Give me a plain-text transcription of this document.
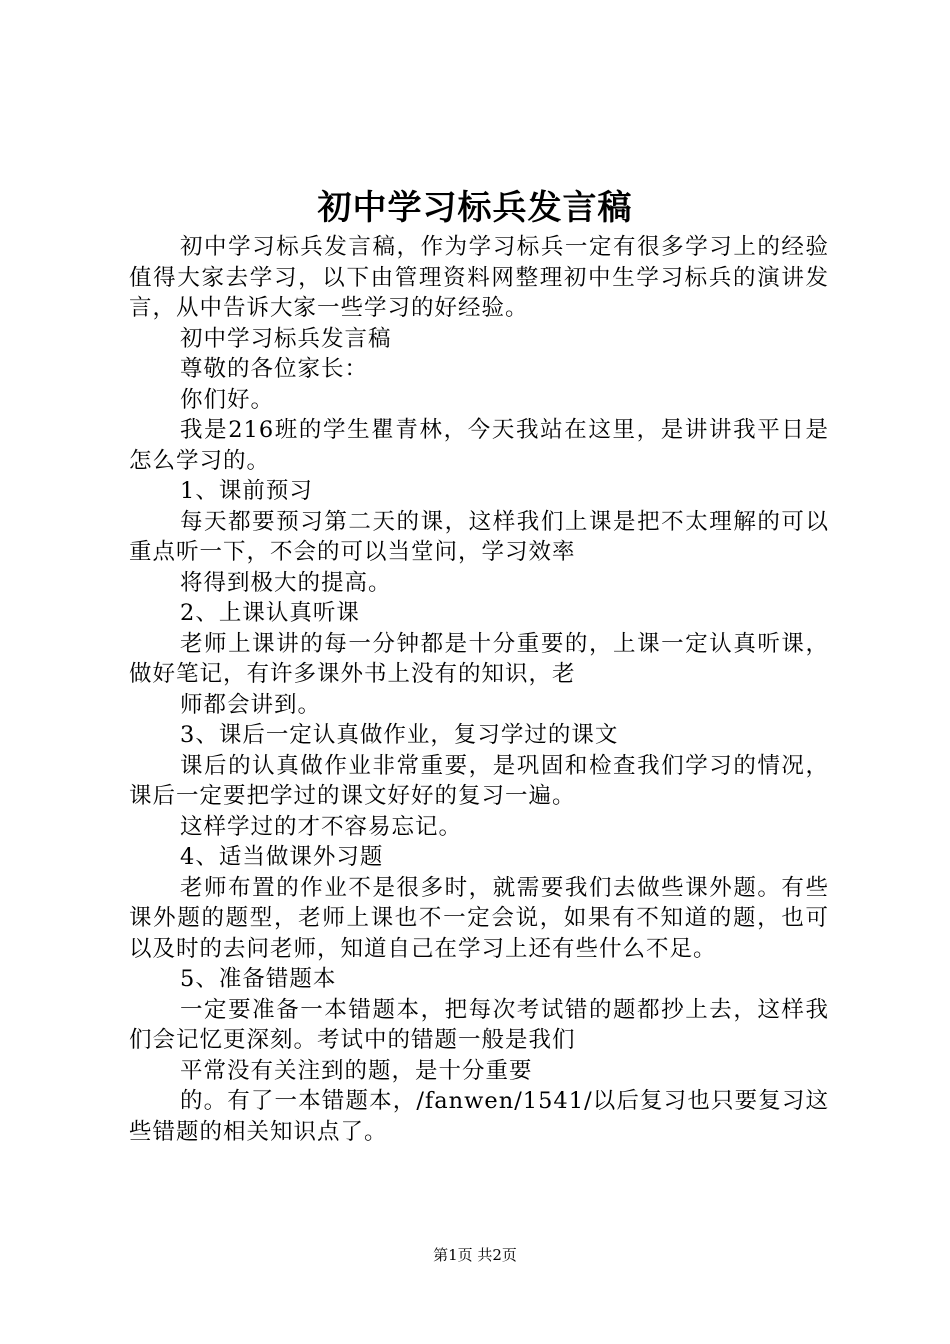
初中学习标兵发言稿

初中学习标兵发言稿，作为学习标兵一定有很多学习上的经验值得大家去学习，以下由管理资料网整理初中生学习标兵的演讲发言，从中告诉大家一些学习的好经验。

初中学习标兵发言稿

尊敬的各位家长：

你们好。

我是216班的学生瞿青林，今天我站在这里，是讲讲我平日是怎么学习的。

1、课前预习

每天都要预习第二天的课，这样我们上课是把不太理解的可以重点听一下，不会的可以当堂问，学习效率

将得到极大的提高。

2、上课认真听课

老师上课讲的每一分钟都是十分重要的，上课一定认真听课，做好笔记，有许多课外书上没有的知识，老

师都会讲到。

3、课后一定认真做作业，复习学过的课文

课后的认真做作业非常重要，是巩固和检查我们学习的情况，课后一定要把学过的课文好好的复习一遍。

这样学过的才不容易忘记。

4、适当做课外习题

老师布置的作业不是很多时，就需要我们去做些课外题。有些课外题的题型，老师上课也不一定会说，如果有不知道的题，也可以及时的去问老师，知道自己在学习上还有些什么不足。

5、准备错题本

一定要准备一本错题本，把每次考试错的题都抄上去，这样我们会记忆更深刻。考试中的错题一般是我们

平常没有关注到的题，是十分重要

的。有了一本错题本，/fanwen/1541/以后复习也只要复习这些错题的相关知识点了。

第1页 共2页
